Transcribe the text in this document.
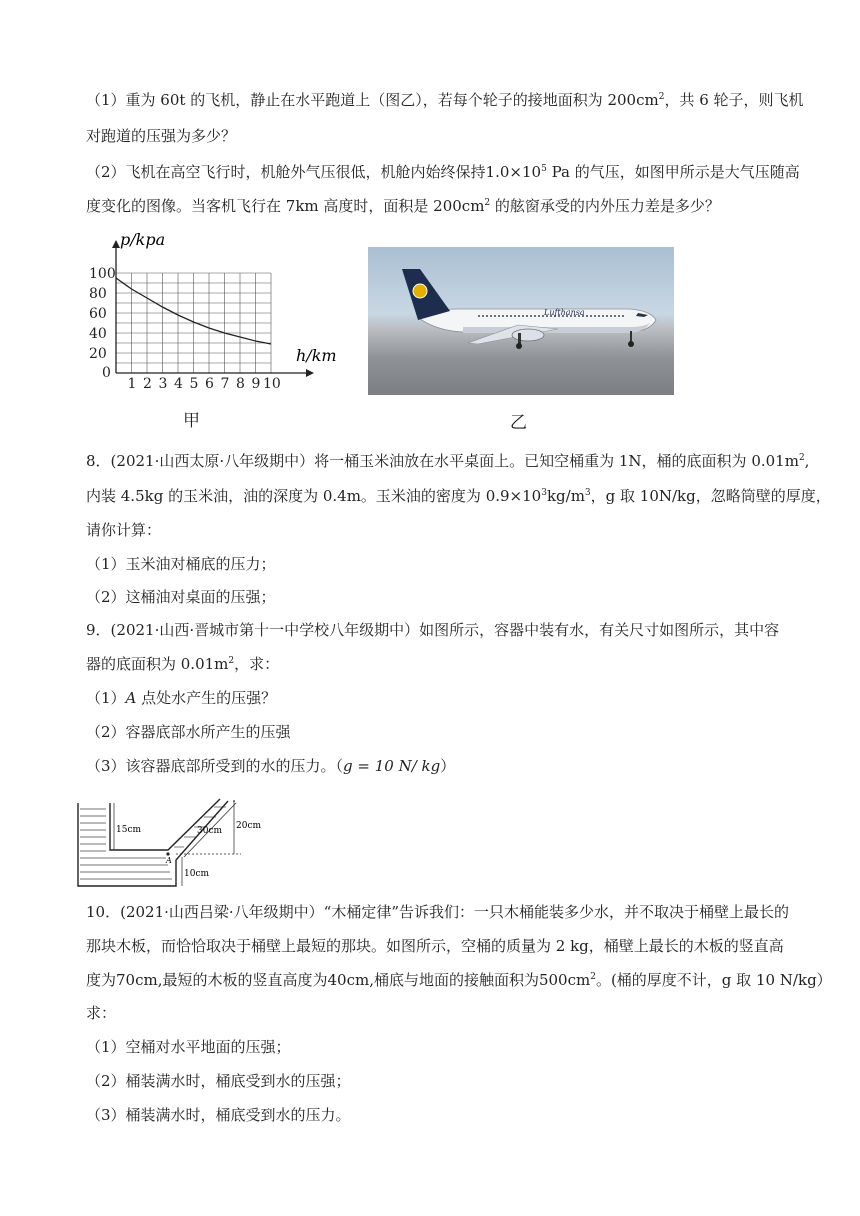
（1）重为 60t 的飞机，静止在水平跑道上（图乙），若每个轮子的接地面积为 $200cm^2$，共 6 轮子，则飞机
对跑道的压强为多少？
（2）飞机在高空飞行时，机舱外气压很低，机舱内始终保持$1.0\times 10^5$ Pa 的气压，如图甲所示是大气压随高
度变化的图像。当客机飞行在 7km 高度时，面积是 $200cm^2$ 的舷窗承受的内外压力差是多少？
1 2 3 4 5 6 7 8 9 10
20
40
60
80
100
0
p/kpa
h/km
甲
Lufthansa
乙
8．(2021·山西太原·八年级期中）将一桶玉米油放在水平桌面上。已知空桶重为 1N，桶的底面积为 $0.01m^2$,
内装 4.5kg 的玉米油，油的深度为 0.4m。玉米油的密度为 $0.9\times 10^3kg/m^3$，g 取 10N/kg，忽略筒壁的厚度，
请你计算：
（1）玉米油对桶底的压力；
（2）这桶油对桌面的压强；
9．(2021·山西·晋城市第十一中学校八年级期中）如图所示，容器中装有水，有关尺寸如图所示，其中容
器的底面积为 $0.01m^2$，求：
（1）A 点处水产生的压强？
（2）容器底部水所产生的压强
（3）该容器底部所受到的水的压力。（g = 10 N/ kg）
15cm	30cm 20cm
10cm
A
10．(2021·山西吕梁·八年级期中）“木桶定律”告诉我们：一只木桶能装多少水，并不取决于桶壁上最长的
那块木板，而恰恰取决于桶壁上最短的那块。如图所示，空桶的质量为 2 kg，桶壁上最长的木板的竖直高
度为70cm,最短的木板的竖直高度为40cm,桶底与地面的接触面积为$500cm^2$。(桶的厚度不计，g 取 10 N/kg）
求：
（1）空桶对水平地面的压强；
（2）桶装满水时，桶底受到水的压强；
（3）桶装满水时，桶底受到水的压力。
